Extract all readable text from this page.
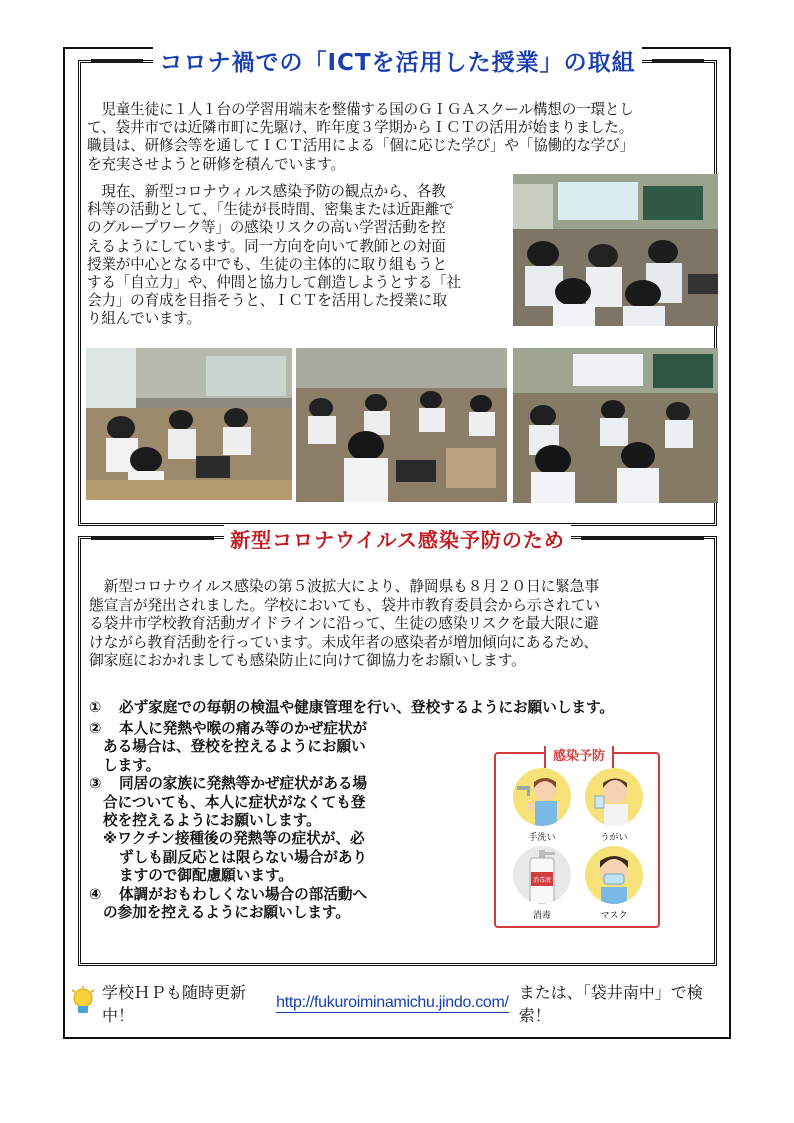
コロナ禍での「ICTを活用した授業」の取組
　児童生徒に１人１台の学習用端末を整備する国のＧＩＧＡスクール構想の一環とし
て、袋井市では近隣市町に先駆け、昨年度３学期からＩＣＴの活用が始まりました。
職員は、研修会等を通してＩＣＴ活用による「個に応じた学び」や「協働的な学び」
を充実させようと研修を積んでいます。
　現在、新型コロナウィルス感染予防の観点から、各教
科等の活動として、「生徒が長時間、密集または近距離で
のグループワーク等」の感染リスクの高い学習活動を控
えるようにしています。同一方向を向いて教師との対面
授業が中心となる中でも、生徒の主体的に取り組もうと
する「自立力」や、仲間と協力して創造しようとする「社
会力」の育成を目指そうと、ＩＣＴを活用した授業に取
り組んでいます。
新型コロナウイルス感染予防のため
　新型コロナウイルス感染の第５波拡大により、静岡県も８月２０日に緊急事
態宣言が発出されました。学校においても、袋井市教育委員会から示されてい
る袋井市学校教育活動ガイドラインに沿って、生徒の感染リスクを最大限に避
けながら教育活動を行っています。未成年者の感染者が増加傾向にあるため、
御家庭におかれましても感染防止に向けて御協力をお願いします。
①	必ず家庭での毎朝の検温や健康管理を行い、登校するようにお願いします。
②	本人に発熱や喉の痛み等のかぜ症状が
ある場合は、登校を控えるようにお願い
します。
③	同居の家族に発熱等かぜ症状がある場
合についても、本人に症状がなくても登
校を控えるようにお願いします。
※ワクチン接種後の発熱等の症状が、必
ずしも副反応とは限らない場合があり
ますので御配慮願います。
④	体調がおもわしくない場合の部活動へ
の参加を控えるようにお願いします。
感染予防
手洗い	うがい
消毒液
消毒	マスク
学校ＨＰも随時更新中！
http://fukuroiminamichu.jindo.com/ または、「袋井南中」で検索！
